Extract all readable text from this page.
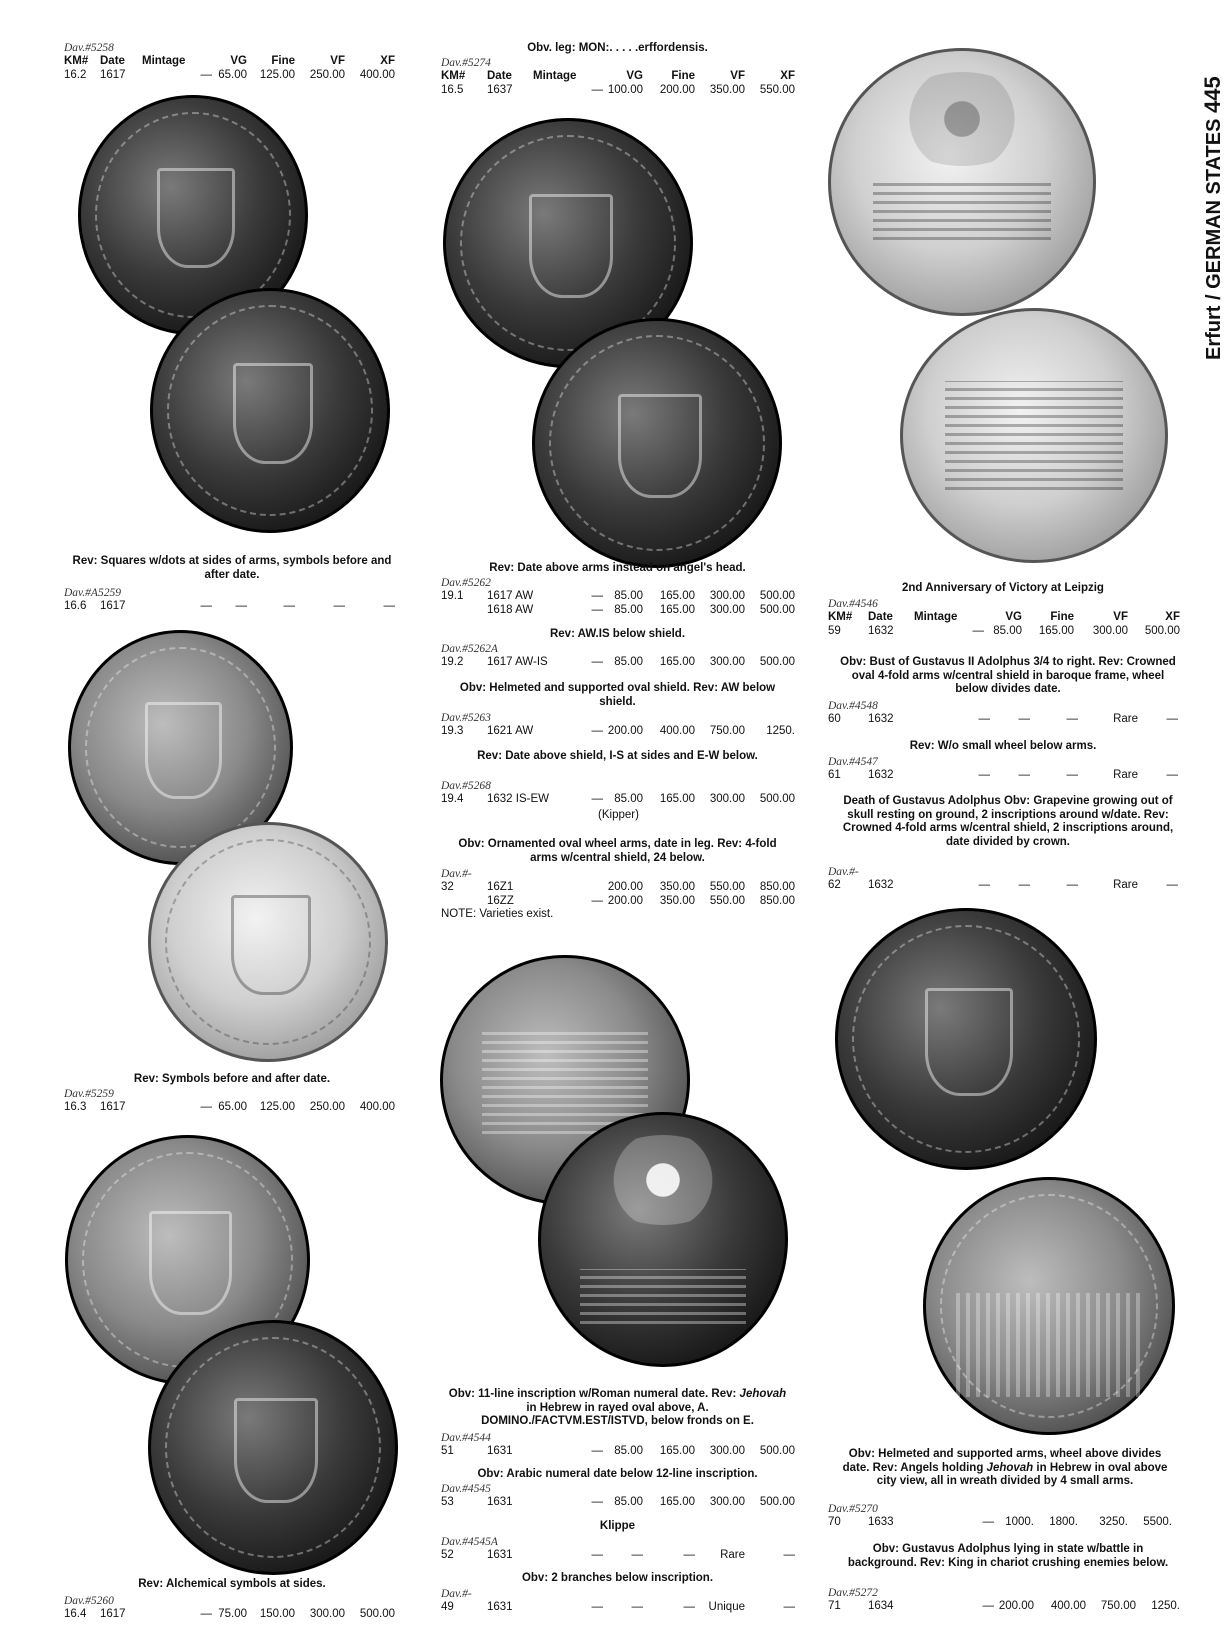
Dav.#5258
KM#	Date	Mintage	VG	Fine	VF	XF
16.2	1617	— 65.00	125.00	250.00	400.00
Rev: Squares w/dots at sides of arms, symbols before and after date.
Dav.#A5259
16.6	1617	—	—	—	—	—
Rev: Symbols before and after date.
Dav.#5259
16.3	1617	— 65.00	125.00	250.00	400.00
Rev: Alchemical symbols at sides.
Dav.#5260
16.4	1617	— 75.00	150.00	300.00	500.00
Obv. leg: MON:. . . . .erffordensis.
Dav.#5274
KM#	Date	Mintage	VG	Fine	VF	XF
16.5	1637	— 100.00	200.00	350.00	550.00
Rev: Date above arms instead on angel's head.
Dav.#5262
19.1	1617 AW	— 85.00	165.00	300.00	500.00
1618 AW	— 85.00	165.00	300.00	500.00
Rev: AW.IS below shield.
Dav.#5262A
19.2	1617 AW-IS	— 85.00	165.00	300.00	500.00
Obv: Helmeted and supported oval shield. Rev: AW below shield.
Dav.#5263
19.3	1621 AW	— 200.00	400.00	750.00	1250.
Rev: Date above shield, I-S at sides and E-W below.
Dav.#5268
19.4	1632 IS-EW	— 85.00	165.00	300.00	500.00
(Kipper)
Obv: Ornamented oval wheel arms, date in leg. Rev: 4-fold arms w/central shield, 24 below.
Dav.#-
32	16Z1	200.00	350.00	550.00	850.00
16ZZ	— 200.00	350.00	550.00	850.00
NOTE: Varieties exist.
Obv: 11-line inscription w/Roman numeral date. Rev: Jehovah in Hebrew in rayed oval above, A. DOMINO./FACTVM.EST/ISTVD, below fronds on E.
Dav.#4544
51	1631	— 85.00	165.00	300.00	500.00
Obv: Arabic numeral date below 12-line inscription.
Dav.#4545
53	1631	— 85.00	165.00	300.00	500.00
Klippe
Dav.#4545A
52	1631	—	—	—	Rare	—
Obv: 2 branches below inscription.
Dav.#-
49	1631	—	—	—	Unique	—
2nd Anniversary of Victory at Leipzig
Dav.#4546
KM#	Date	Mintage	VG	Fine	VF	XF
59	1632	— 85.00	165.00	300.00	500.00
Obv: Bust of Gustavus II Adolphus 3/4 to right. Rev: Crowned oval 4-fold arms w/central shield in baroque frame, wheel below divides date.
Dav.#4548
60	1632	—	—	—	Rare	—
Rev: W/o small wheel below arms.
Dav.#4547
61	1632	—	—	—	Rare	—
Death of Gustavus Adolphus Obv: Grapevine growing out of skull resting on ground, 2 inscriptions around w/date. Rev: Crowned 4-fold arms w/central shield, 2 inscriptions around, date divided by crown.
Dav.#-
62	1632	—	—	—	Rare	—
Obv: Helmeted and supported arms, wheel above divides date. Rev: Angels holding Jehovah in Hebrew in oval above city view, all in wreath divided by 4 small arms.
Dav.#5270
70	1633	— 1000.	1800.	3250.	5500.
Obv: Gustavus Adolphus lying in state w/battle in background. Rev: King in chariot crushing enemies below.
Dav.#5272
71	1634	— 200.00	400.00	750.00	1250.
Erfurt / GERMAN STATES 445
